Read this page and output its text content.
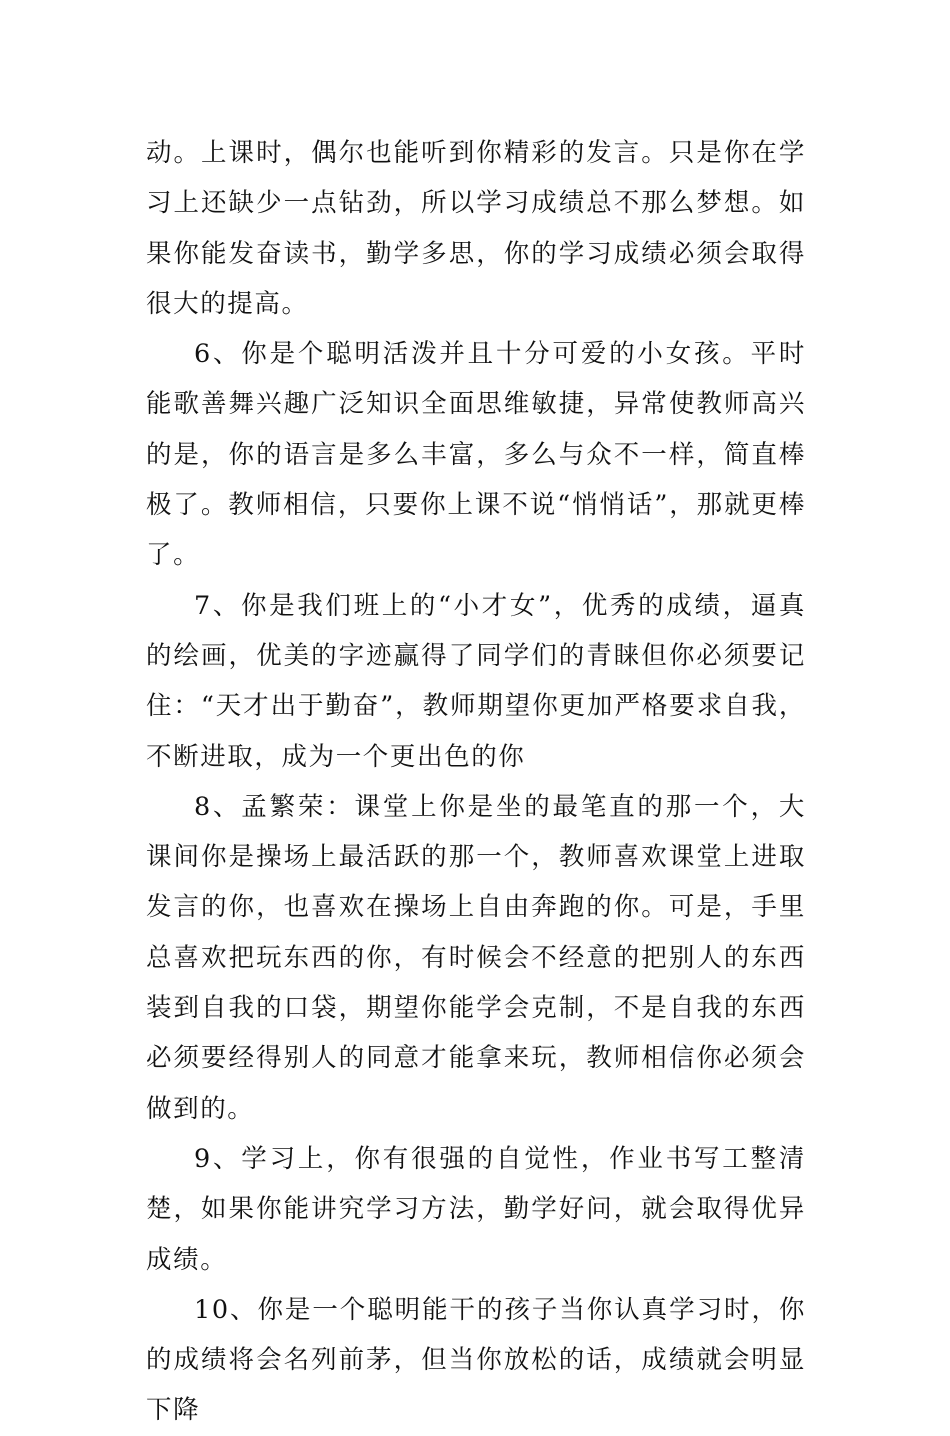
动。上课时，偶尔也能听到你精彩的发言。只是你在学习上还缺少一点钻劲，所以学习成绩总不那么梦想。如果你能发奋读书，勤学多思，你的学习成绩必须会取得很大的提高。

6、你是个聪明活泼并且十分可爱的小女孩。平时能歌善舞兴趣广泛知识全面思维敏捷，异常使教师高兴的是，你的语言是多么丰富，多么与众不一样，简直棒极了。教师相信，只要你上课不说“悄悄话”，那就更棒了。

7、你是我们班上的“小才女”，优秀的成绩，逼真的绘画，优美的字迹赢得了同学们的青睐但你必须要记住：“天才出于勤奋”，教师期望你更加严格要求自我，不断进取，成为一个更出色的你

8、孟繁荣：课堂上你是坐的最笔直的那一个，大课间你是操场上最活跃的那一个，教师喜欢课堂上进取发言的你，也喜欢在操场上自由奔跑的你。可是，手里总喜欢把玩东西的你，有时候会不经意的把别人的东西装到自我的口袋，期望你能学会克制，不是自我的东西必须要经得别人的同意才能拿来玩，教师相信你必须会做到的。

9、学习上，你有很强的自觉性，作业书写工整清楚，如果你能讲究学习方法，勤学好问，就会取得优异成绩。

10、你是一个聪明能干的孩子当你认真学习时，你的成绩将会名列前茅，但当你放松的话，成绩就会明显下降
